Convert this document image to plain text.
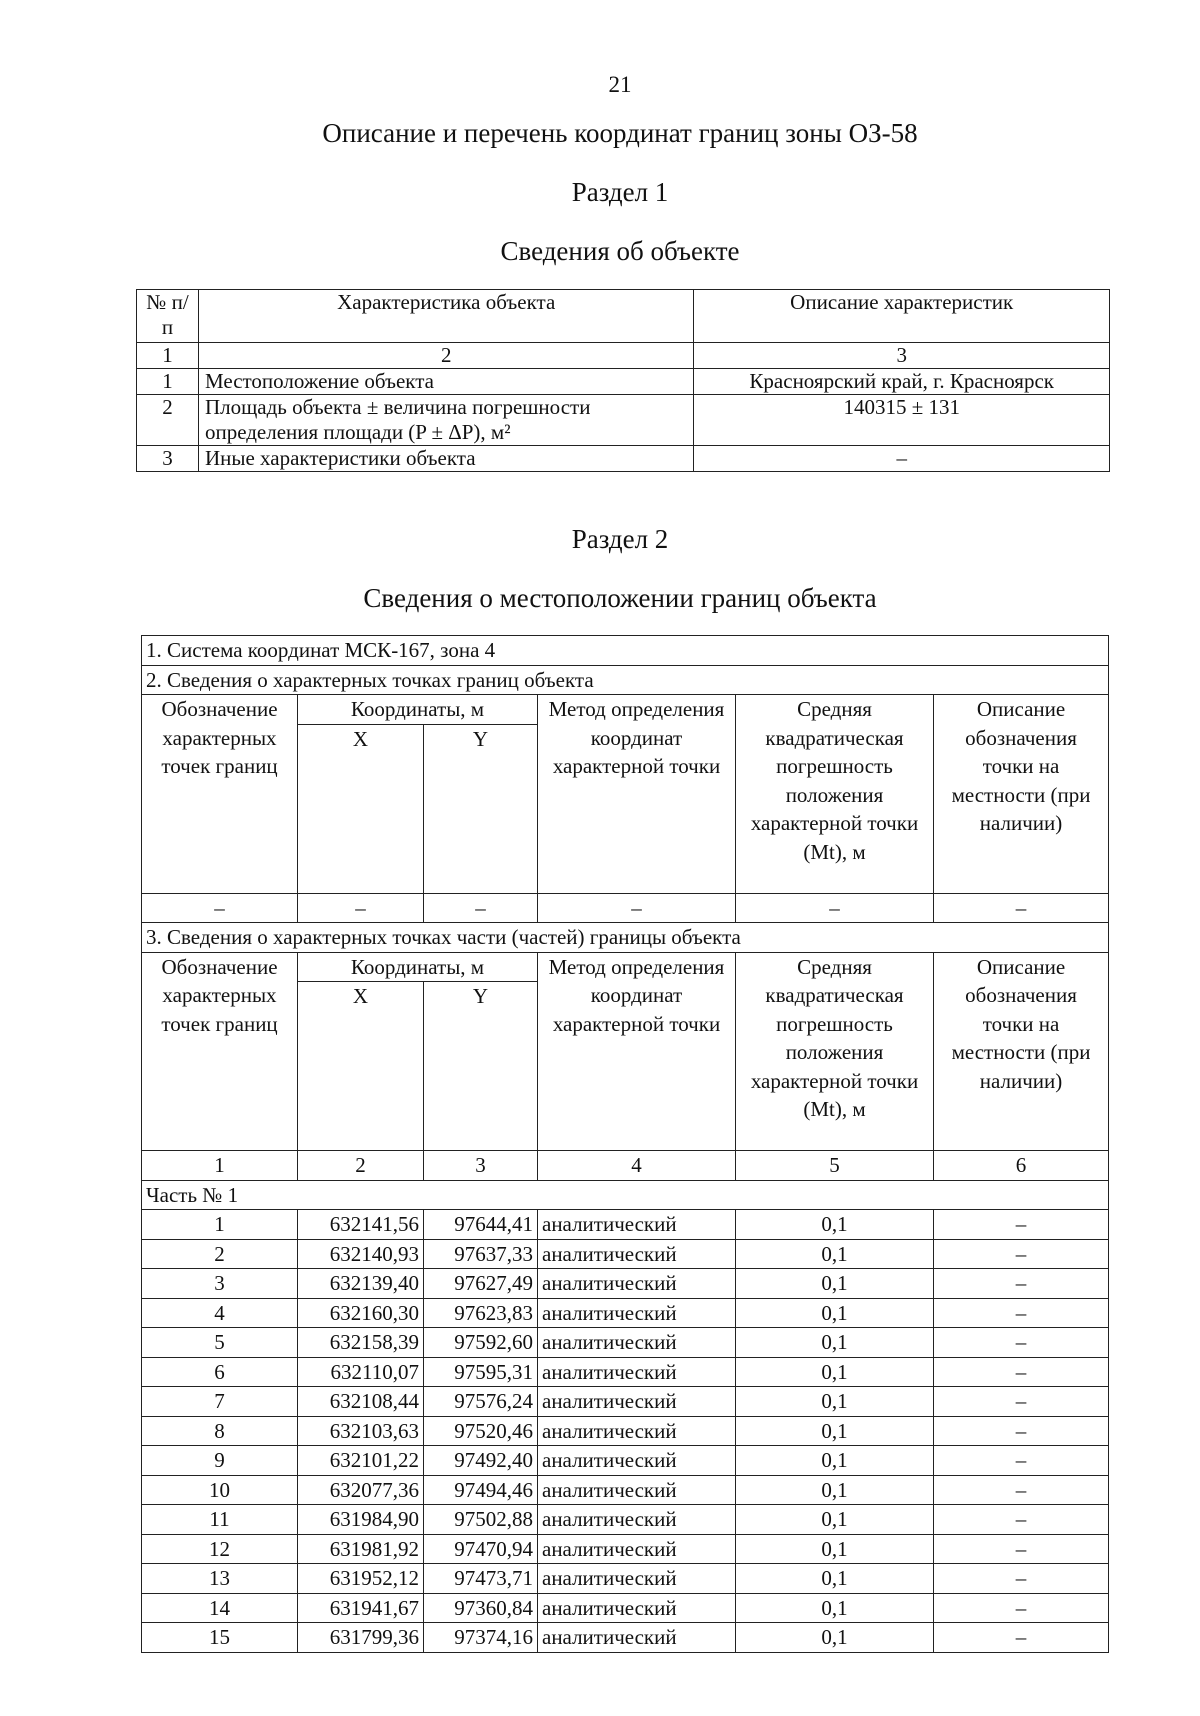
21
Описание и перечень координат границ зоны ОЗ-58
Раздел 1
Сведения об объекте
№ п/п	Характеристика объекта	Описание характеристик
1	2	3
1	Местоположение объекта	Красноярский край, г. Красноярск
2	Площадь объекта ± величина погрешности определения площади (P ± ΔP), м²	140315 ± 131
3	Иные характеристики объекта	–
Раздел 2
Сведения о местоположении границ объекта
1. Система координат МСК-167, зона 4					
2. Сведения о характерных точках границ объекта					
Обозначение характерных точек границ	Координаты, м		Метод определения координат характерной точки	Средняя квадратическая погрешность положения характерной точки (Mt), м	Описание обозначения точки на местности (при наличии)
	X	Y			
–	–	–	–	–	–
3. Сведения о характерных точках части (частей) границы объекта					
Обозначение характерных точек границ	Координаты, м		Метод определения координат характерной точки	Средняя квадратическая погрешность положения характерной точки (Mt), м	Описание обозначения точки на местности (при наличии)
	X	Y			
1	2	3	4	5	6
Часть № 1					
1	632141,56	97644,41	аналитический	0,1	–
2	632140,93	97637,33	аналитический	0,1	–
3	632139,40	97627,49	аналитический	0,1	–
4	632160,30	97623,83	аналитический	0,1	–
5	632158,39	97592,60	аналитический	0,1	–
6	632110,07	97595,31	аналитический	0,1	–
7	632108,44	97576,24	аналитический	0,1	–
8	632103,63	97520,46	аналитический	0,1	–
9	632101,22	97492,40	аналитический	0,1	–
10	632077,36	97494,46	аналитический	0,1	–
11	631984,90	97502,88	аналитический	0,1	–
12	631981,92	97470,94	аналитический	0,1	–
13	631952,12	97473,71	аналитический	0,1	–
14	631941,67	97360,84	аналитический	0,1	–
15	631799,36	97374,16	аналитический	0,1	–
